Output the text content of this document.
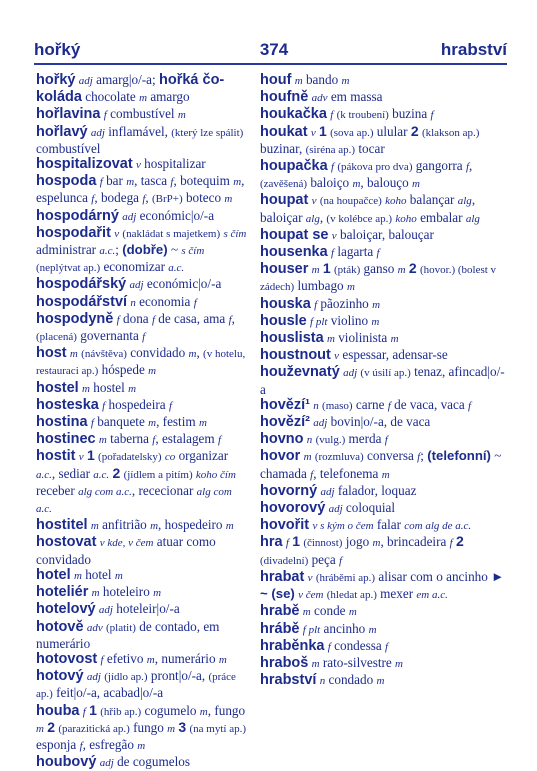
hořký	374	hrabství
hořký adj amarg|o/-a; hořká čokoláda chocolate m amargo
hořlavina f combustível m
hořlavý adj inflamável, (který lze spálit) combustível
hospitalizovat v hospitalizar
hospoda f bar m, tasca f, botequim m, espelunca f, bodega f, (BrP+) boteco m
hospodárný adj económic|o/-a
hospodařit v (nakládat s majetkem) s čím administrar a.c.; (dobře) ~ s čím (neplýtvat ap.) economizar a.c.
hospodářský adj económic|o/-a
hospodářství n economia f
hospodyně f dona f de casa, ama f, (placená) governanta f
host m (návštěva) convidado m, (v hotelu, restauraci ap.) hóspede m
hostel m hostel m
hosteska f hospedeira f
hostina f banquete m, festim m
hostinec m taberna f, estalagem f
hostit v 1 (pořadatelsky) co organizar a.c., sediar a.c. 2 (jídlem a pitím) koho čím receber alg com a.c., rececionar alg com a.c.
hostitel m anfitrião m, hospedeiro m
hostovat v kde, v čem atuar como convidado
hotel m hotel m
hoteliér m hoteleiro m
hotelový adj hoteleir|o/-a
hotově adv (platit) de contado, em numerário
hotovost f efetivo m, numerário m
hotový adj (jídlo ap.) pront|o/-a, (práce ap.) feit|o/-a, acabad|o/-a
houba f 1 (hřib ap.) cogumelo m, fungo m 2 (parazitická ap.) fungo m 3 (na mytí ap.) esponja f, esfregão m
houbový adj de cogumelos
houf m bando m
houfně adv em massa
houkačka f (k troubení) buzina f
houkat v 1 (sova ap.) ulular 2 (klakson ap.) buzinar, (siréna ap.) tocar
houpačka f (pákova pro dva) gangorra f, (zavěšená) baloiço m, balouço m
houpat v (na houpačce) koho balançar alg, baloiçar alg, (v kolébce ap.) koho embalar alg
houpat se v baloiçar, balouçar
housenka f lagarta f
houser m 1 (pták) ganso m 2 (hovor.) (bolest v zádech) lumbago m
houska f pãozinho m
housle f plt violino m
houslista m violinista m
houstnout v espessar, adensar-se
houževnatý adj (v úsilí ap.) tenaz, afincad|o/-a
hovězí¹ n (maso) carne f de vaca, vaca f
hovězí² adj bovin|o/-a, de vaca
hovno n (vulg.) merda f
hovor m (rozmluva) conversa f; (telefonní) ~ chamada f, telefonema m
hovorný adj falador, loquaz
hovorový adj coloquial
hovořit v s kým o čem falar com alg de a.c.
hra f 1 (činnost) jogo m, brincadeira f 2 (divadelní) peça f
hrabat v (hráběmi ap.) alisar com o ancinho ► ~ (se) v čem (hledat ap.) mexer em a.c.
hrabě m conde m
hrábě f plt ancinho m
hraběnka f condessa f
hraboš m rato-silvestre m
hrabství n condado m
